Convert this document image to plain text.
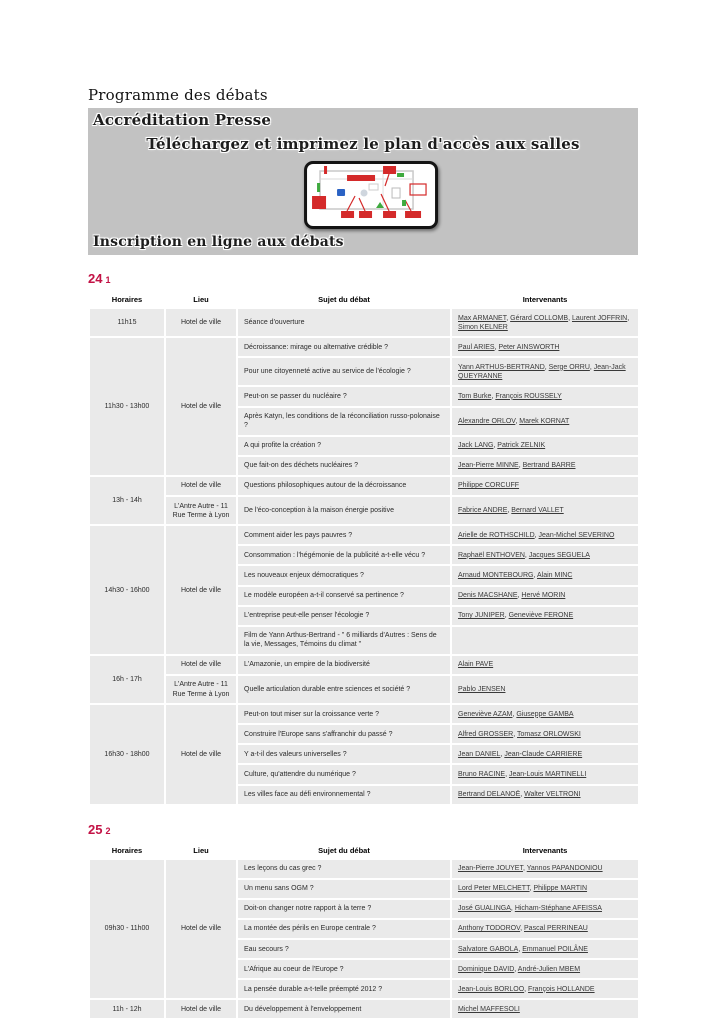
Programme des débats
Accréditation Presse
Téléchargez et imprimez le plan d'accès aux salles
Inscription en ligne aux débats
24 1
Horaires	Lieu	Sujet du débat	Intervenants
11h15	Hotel de ville	Séance d'ouverture	Max ARMANET, Gérard COLLOMB, Laurent JOFFRIN, Simon KELNER
11h30 - 13h00	Hotel de ville	Décroissance: mirage ou alternative crédible ?	Paul ARIES, Peter AINSWORTH
		Pour une citoyenneté active au service de l'écologie ?	Yann ARTHUS-BERTRAND, Serge ORRU, Jean-Jack QUEYRANNE
		Peut-on se passer du nucléaire ?	Tom Burke, François ROUSSELY
		Après Katyn, les conditions de la réconciliation russo-polonaise ?	Alexandre ORLOV, Marek KORNAT
		A qui profite la création ?	Jack LANG, Patrick ZELNIK
		Que fait-on des déchets nucléaires ?	Jean-Pierre MINNE, Bertrand BARRE
13h - 14h	Hotel de ville	Questions philosophiques autour de la décroissance	Philippe CORCUFF
	L'Antre Autre - 11 Rue Terme à Lyon	De l'éco-conception à la maison énergie positive	Fabrice ANDRE, Bernard VALLET
14h30 - 16h00	Hotel de ville	Comment aider les pays pauvres ?	Arielle de ROTHSCHILD, Jean-Michel SEVERINO
		Consommation : l'hégémonie de la publicité a-t-elle vécu ?	Raphaël ENTHOVEN, Jacques SEGUELA
		Les nouveaux enjeux démocratiques ?	Arnaud MONTEBOURG, Alain MINC
		Le modèle européen a-t-il conservé sa pertinence ?	Denis MACSHANE, Hervé MORIN
		L'entreprise peut-elle penser l'écologie ?	Tony JUNIPER, Geneviève FERONE
		Film de Yann Arthus-Bertrand - " 6 milliards d'Autres : Sens de la vie, Messages, Témoins du climat "	
16h - 17h	Hotel de ville	L'Amazonie, un empire de la biodiversité	Alain PAVE
	L'Antre Autre - 11 Rue Terme à Lyon	Quelle articulation durable entre sciences et société ?	Pablo JENSEN
16h30 - 18h00	Hotel de ville	Peut-on tout miser sur la croissance verte ?	Geneviève AZAM, Giuseppe GAMBA
		Construire l'Europe sans s'affranchir du passé ?	Alfred GROSSER, Tomasz ORLOWSKI
		Y a-t-il des valeurs universelles ?	Jean DANIEL, Jean-Claude CARRIERE
		Culture, qu'attendre du numérique ?	Bruno RACINE, Jean-Louis MARTINELLI
		Les villes face au défi environnemental ?	Bertrand DELANOË, Walter VELTRONI
25 2
Horaires	Lieu	Sujet du débat	Intervenants
09h30 - 11h00	Hotel de ville	Les leçons du cas grec ?	Jean-Pierre JOUYET, Yannos PAPANDONIOU
		Un menu sans OGM ?	Lord Peter MELCHETT, Philippe MARTIN
		Doit-on changer notre rapport à la terre ?	José GUALINGA, Hicham-Stéphane AFEISSA
		La montée des périls en Europe centrale ?	Anthony TODOROV, Pascal PERRINEAU
		Eau secours ?	Salvatore GABOLA, Emmanuel POILÂNE
		L'Afrique au coeur de l'Europe ?	Dominique DAVID, André-Julien MBEM
		La pensée durable a-t-telle préempté 2012 ?	Jean-Louis BORLOO, François HOLLANDE
11h - 12h	Hotel de ville	Du développement à l'enveloppement	Michel MAFFESOLI
